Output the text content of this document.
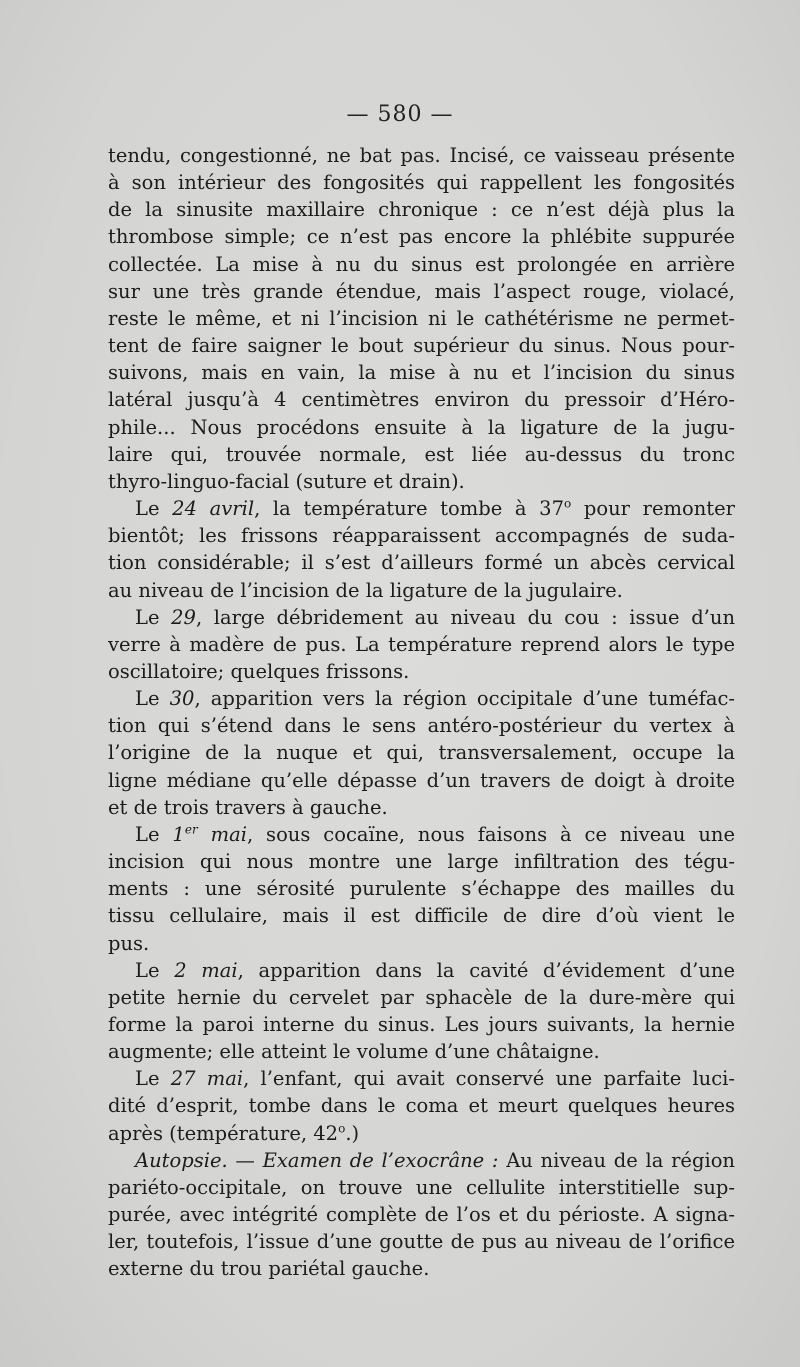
— 580 —
tendu, congestionné, ne bat pas. Incisé, ce vaisseau présente
à son intérieur des fongosités qui rappellent les fongosités
de la sinusite maxillaire chronique : ce n’est déjà plus la
thrombose simple; ce n’est pas encore la phlébite suppurée
collectée. La mise à nu du sinus est prolongée en arrière
sur une très grande étendue, mais l’aspect rouge, violacé,
reste le même, et ni l’incision ni le cathétérisme ne permet-
tent de faire saigner le bout supérieur du sinus. Nous pour-
suivons, mais en vain, la mise à nu et l’incision du sinus
latéral jusqu’à 4 centimètres environ du pressoir d’Héro-
phile... Nous procédons ensuite à la ligature de la jugu-
laire qui, trouvée normale, est liée au-dessus du tronc
thyro-linguo-facial (suture et drain).
Le 24 avril, la température tombe à 37$^o$ pour remonter
bientôt; les frissons réapparaissent accompagnés de suda-
tion considérable; il s’est d’ailleurs formé un abcès cervical
au niveau de l’incision de la ligature de la jugulaire.
Le 29, large débridement au niveau du cou : issue d’un
verre à madère de pus. La température reprend alors le type
oscillatoire; quelques frissons.
Le 30, apparition vers la région occipitale d’une tuméfac-
tion qui s’étend dans le sens antéro-postérieur du vertex à
l’origine de la nuque et qui, transversalement, occupe la
ligne médiane qu’elle dépasse d’un travers de doigt à droite
et de trois travers à gauche.
Le 1er mai, sous cocaïne, nous faisons à ce niveau une
incision qui nous montre une large infiltration des tégu-
ments : une sérosité purulente s’échappe des mailles du
tissu cellulaire, mais il est difficile de dire d’où vient le
pus.
Le 2 mai, apparition dans la cavité d’évidement d’une
petite hernie du cervelet par sphacèle de la dure-mère qui
forme la paroi interne du sinus. Les jours suivants, la hernie
augmente; elle atteint le volume d’une châtaigne.
Le 27 mai, l’enfant, qui avait conservé une parfaite luci-
dité d’esprit, tombe dans le coma et meurt quelques heures
après (température, 42$^o$.)
Autopsie. — Examen de l’exocrâne : Au niveau de la région
pariéto-occipitale, on trouve une cellulite interstitielle sup-
purée, avec intégrité complète de l’os et du périoste. A signa-
ler, toutefois, l’issue d’une goutte de pus au niveau de l’orifice
externe du trou pariétal gauche.
